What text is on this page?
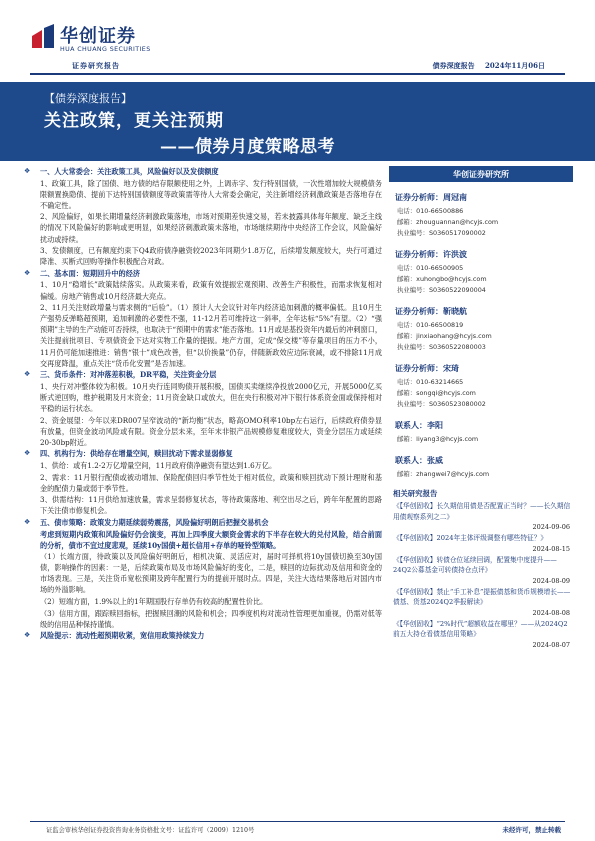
华创证券
HUA CHUANG SECURITIES
证券研究报告	债券深度报告 2024年11月06日
【债券深度报告】
关注政策，更关注预期
——债券月度策略思考
❖	一、人大常委会：关注政策工具，风险偏好以及发债额度
1、政策工具，除了国债、地方债的结存限额使用之外，上调赤字、发行特别国债，一次性增加较大规模债务限额置换隐债、提前下达特别国债额度等政策需等待人大常委会确定，关注新增经济刺激政策是否落地存在不确定性。
2、风险偏好，如果长期增量经济刺激政策落地，市场对预期差快速交易，若未披露具体每年额度、缺乏主线的情况下风险偏好的影响或更明显，如果经济刺激政策未落地，市场继续期待中央经济工作会议，风险偏好扰动或持续。
3、发债额度，已有额度约束下Q4政府债净融资较2023年同期少1.8万亿，后续增发额度较大，央行可通过降准、买断式回购等操作积极配合对政。
❖	二、基本面：短期回升中的经济
1、10月“稳增长”政策陆续落实。从政策来看，政策有效提振宏观预期、改善生产积极性，而需求恢复相对偏缓。房地产销售或10月经济最大亮点。
2、11月关注财政增量与需求侧的“后验”。（1）预计人大会议针对年内经济追加刺激的概率偏低。且10月生产强势反弹略超预期，追加刺激的必要性不强，11-12月若可维持这一斜率，全年达标“5%”有望。（2）“强预期”主导的生产动能可否持续，也取决于“预期中的需求”能否落地。11月或是基投资年内最后的冲刺窗口，关注提前批项目、专项债资金下达对实物工作量的提振。地产方面，定成“保交楼”等存量项目的压力不小，11月仍可能加速推进：销售“银十”成色改善，但“以价换量”仍存，伴随新政效应边际衰减，或不排除11月成交再度降温，重点关注“货币化安置”是否加速。
❖	三、货币条件：对冲落差积极，DR平稳，关注资金分层
1、央行对冲整体较为积极。10月央行连同购债开展积极，国债买卖继续净投放2000亿元，开展5000亿买断式逆回购，维护税期及月末资金；11月资金缺口或放大，但在央行积极对冲下银行体系资金面或保持相对平稳的运行状态。
2、资金展望：今年以来DR007呈窄波动的“新均衡”状态，略高OMO利率10bp左右运行，后续政府债券显有放量，但资金波动风险或有限。资金分层未来，至年末非银产品规模修复难度较大，资金分层压力或延续20-30bp附近。
❖	四、机构行为：供给存在增量空间，赎回扰动下需求显弱修复
1、供给：或有1.2-2万亿增量空间，11月政府债净融资有望达到1.6万亿。
2、需求：11月银行配债或被动增加、保险配债回归季节性处于相对低位，政策和赎回扰动下预计理财和基金的配债力量或弱于季节性。
3、供需结构：11月供给加速放量，需求呈弱修复状态，等待政策落地、利空出尽之后，跨年年配置的思路下关注债市修复机会。
❖	五、债市策略：政策发力期延续弱势震荡，风险偏好明朗后把握交易机会
考虑到短期内政策和风险偏好仍会演变，再加上四季度大额资金需求的下半存在较大的兑付风险，结合前面的分析，债市不宜过度悲观，延续10y国债+超长信用+存单的哑铃型策略。
（1）长端方面，待政策以及风险偏好明朗后，相机决策、灵活应对，届时可择机将10y国债切换至30y国债，影响操作的因素：一是，后续政策布局及市场风险偏好的变化，二是，赎回的边际扰动及信用和资金的市场表现。三是，关注货币宽松预期及跨年配置行为的提前开展时点。四是，关注大选结果落地后对国内市场的外溢影响。
（2）短端方面，1.9%以上的1年期国股行存单仍有较高的配置性价比。
（3）信用方面，跟踪赎回指标，把握赎回潮的风险和机会；四季度机构对流动性管理更加重视，仍需对低等级的信用品种保持谨慎。
❖	风险提示：流动性超预期收紧，宽信用政策持续发力
华创证券研究所
证券分析师：周冠南
电话：010-66500886
邮箱：zhouguannan@hcyjs.com
执业编号：S0360517090002
证券分析师：许洪波
电话：010-66500905
邮箱：xuhongbo@hcyjs.com
执业编号：S0360522090004
证券分析师：靳晓航
电话：010-66500819
邮箱：jinxiaohang@hcyjs.com
执业编号：S0360522080003
证券分析师：宋琦
电话：010-63214665
邮箱：songqi@hcyjs.com
执业编号：S0360523080002
联系人：李阳
邮箱：liyang3@hcyjs.com
联系人：张威
邮箱：zhangwei7@hcyjs.com
相关研究报告
《【华创固收】长久期信用债是否配置正当时？——长久期信用债观察系列之二》
2024-09-06
《【华创固收】2024年主体评级调整有哪些特征？》
2024-08-15
《【华创固收】转债仓位延续回调，配置集中度提升——24Q2公募基金可转债持仓点评》
2024-08-09
《【华创固收】禁止“手工补息”提振债基和货币规模增长——债基、货基2024Q2季报解读》
2024-08-08
《【华创固收】“2%时代”超额收益在哪里？——从2024Q2前五大持仓看债基信用策略》
2024-08-07
证监会审核华创证券投资咨询业务资格批文号：证监许可（2009）1210号	未经许可，禁止转载
